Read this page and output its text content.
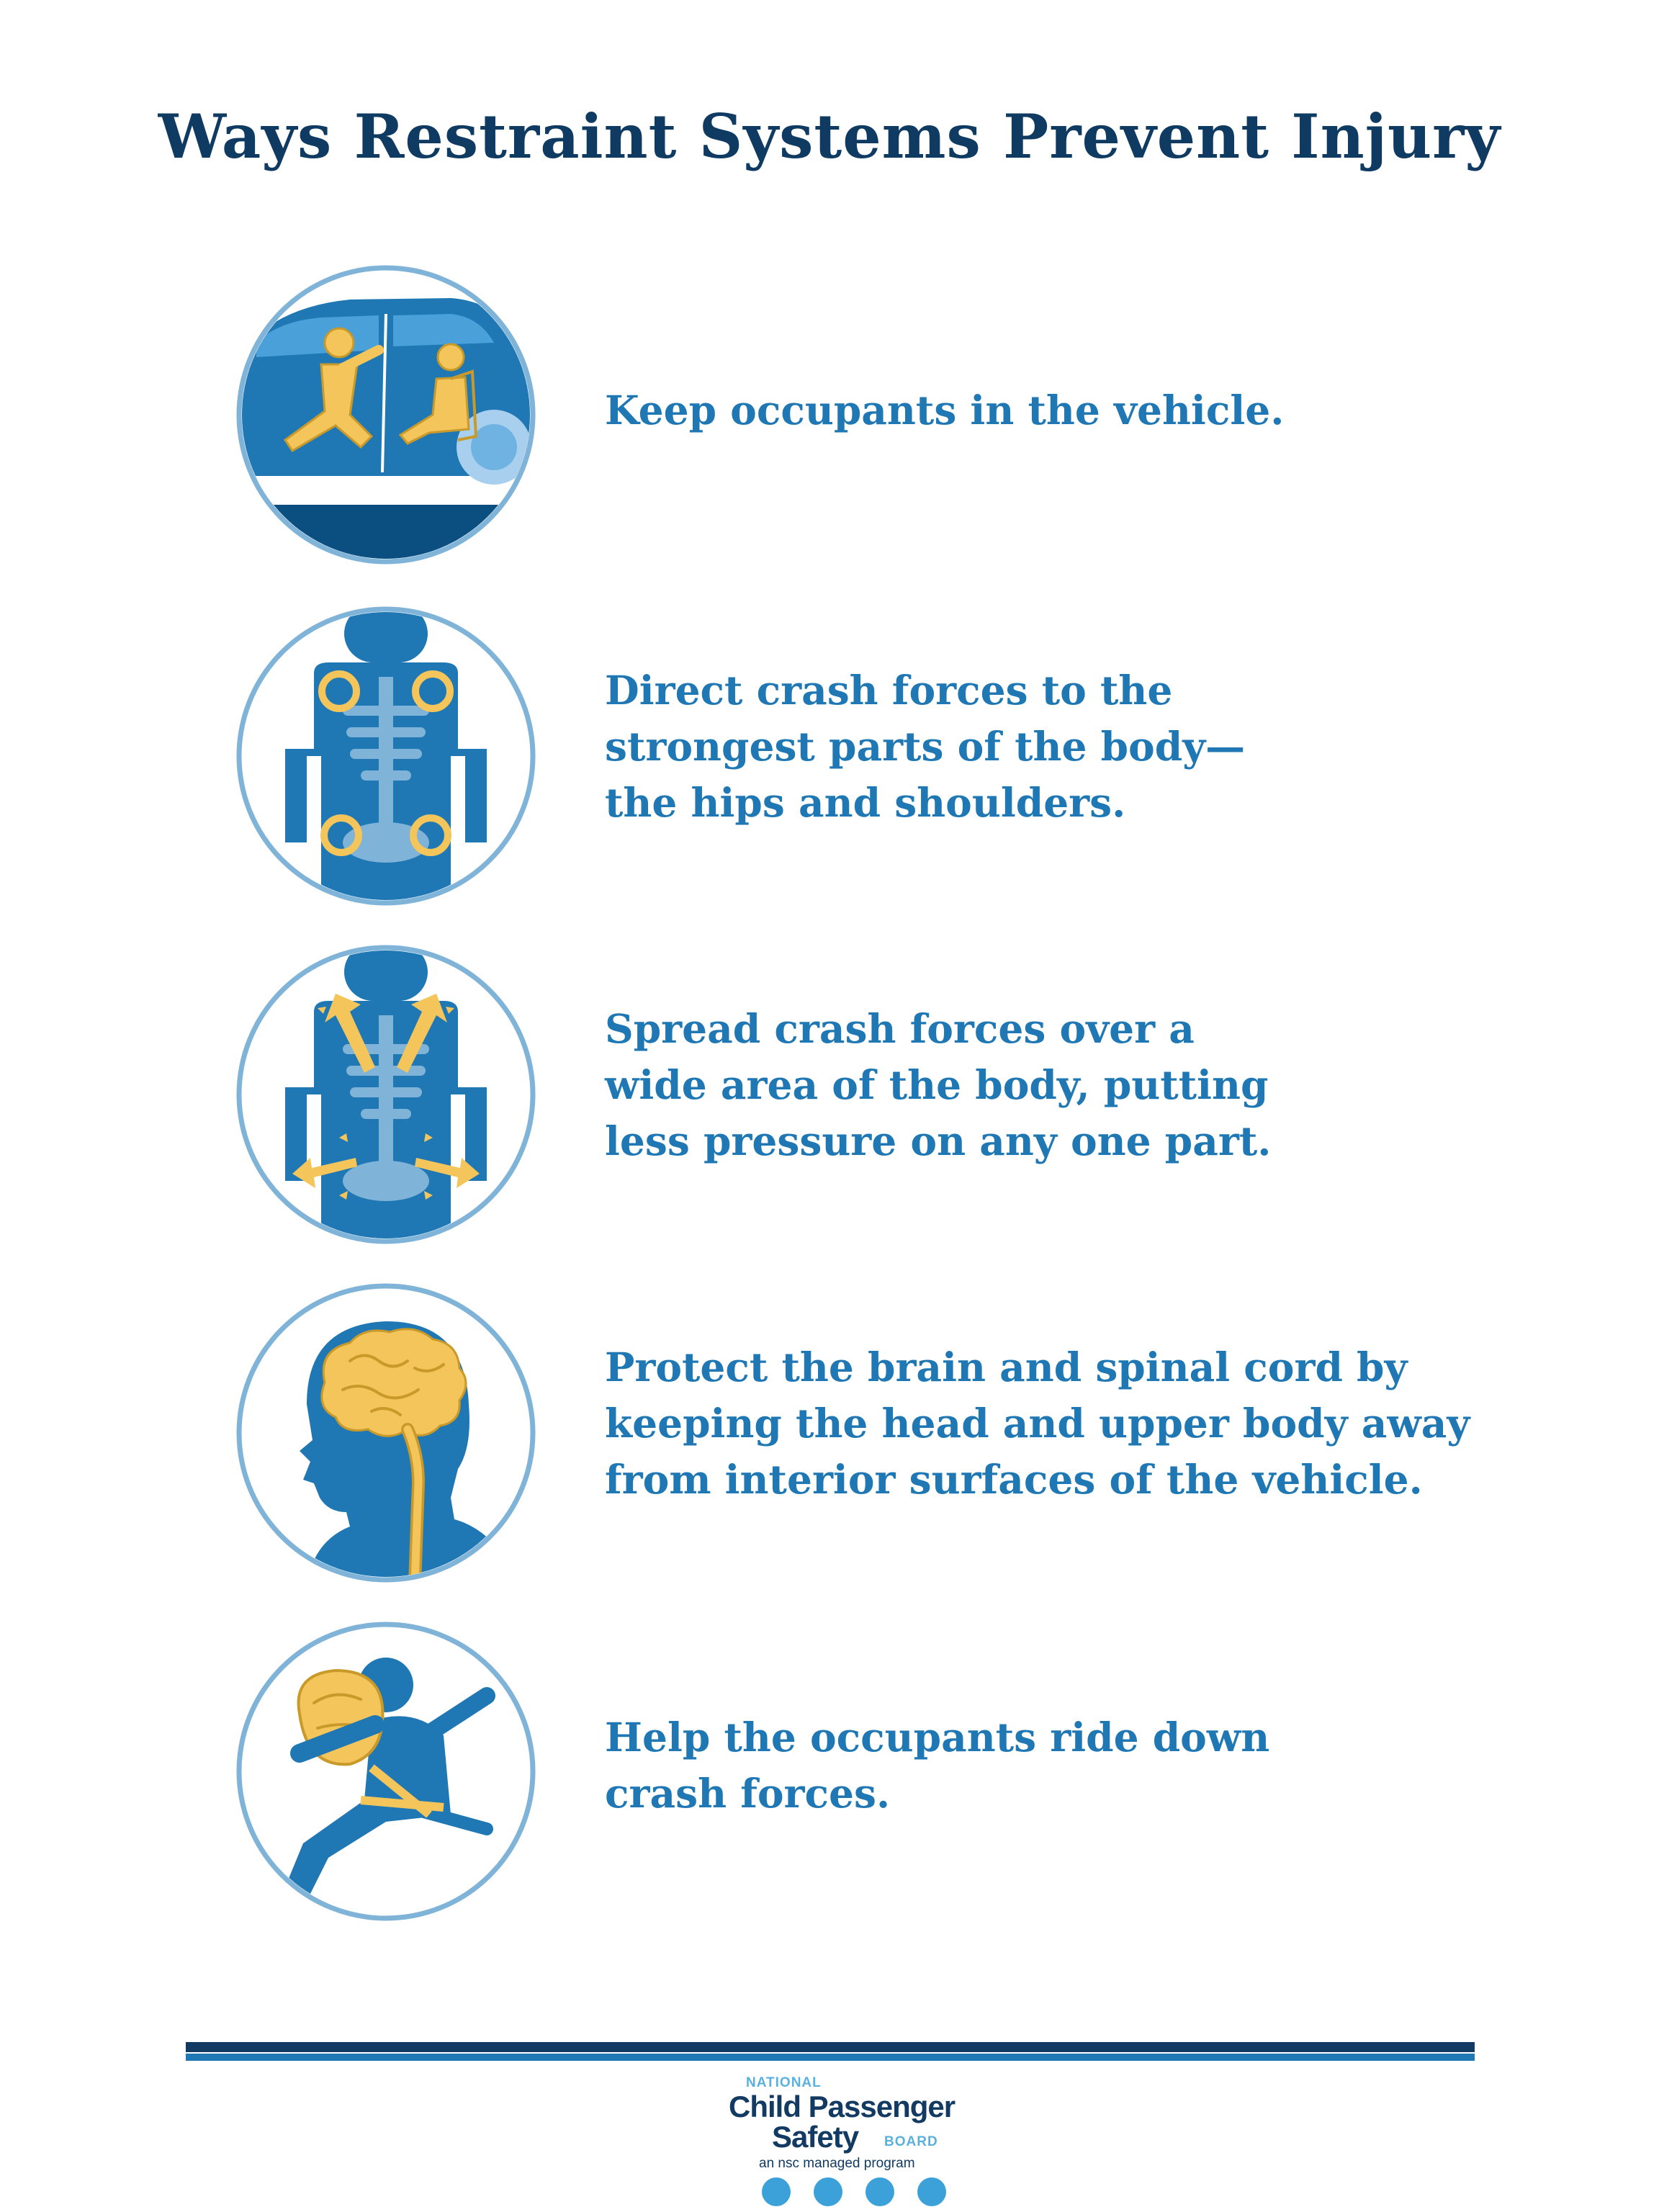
Ways Restraint Systems Prevent Injury
Keep occupants in the vehicle.
Direct crash forces to the
strongest parts of the body—
the hips and shoulders.
Spread crash forces over a
wide area of the body, putting
less pressure on any one part.
Protect the brain and spinal cord by
keeping the head and upper body away
from interior surfaces of the vehicle.
Help the occupants ride down
crash forces.
NATIONAL
Child Passenger
Safety BOARD
an nsc managed program
